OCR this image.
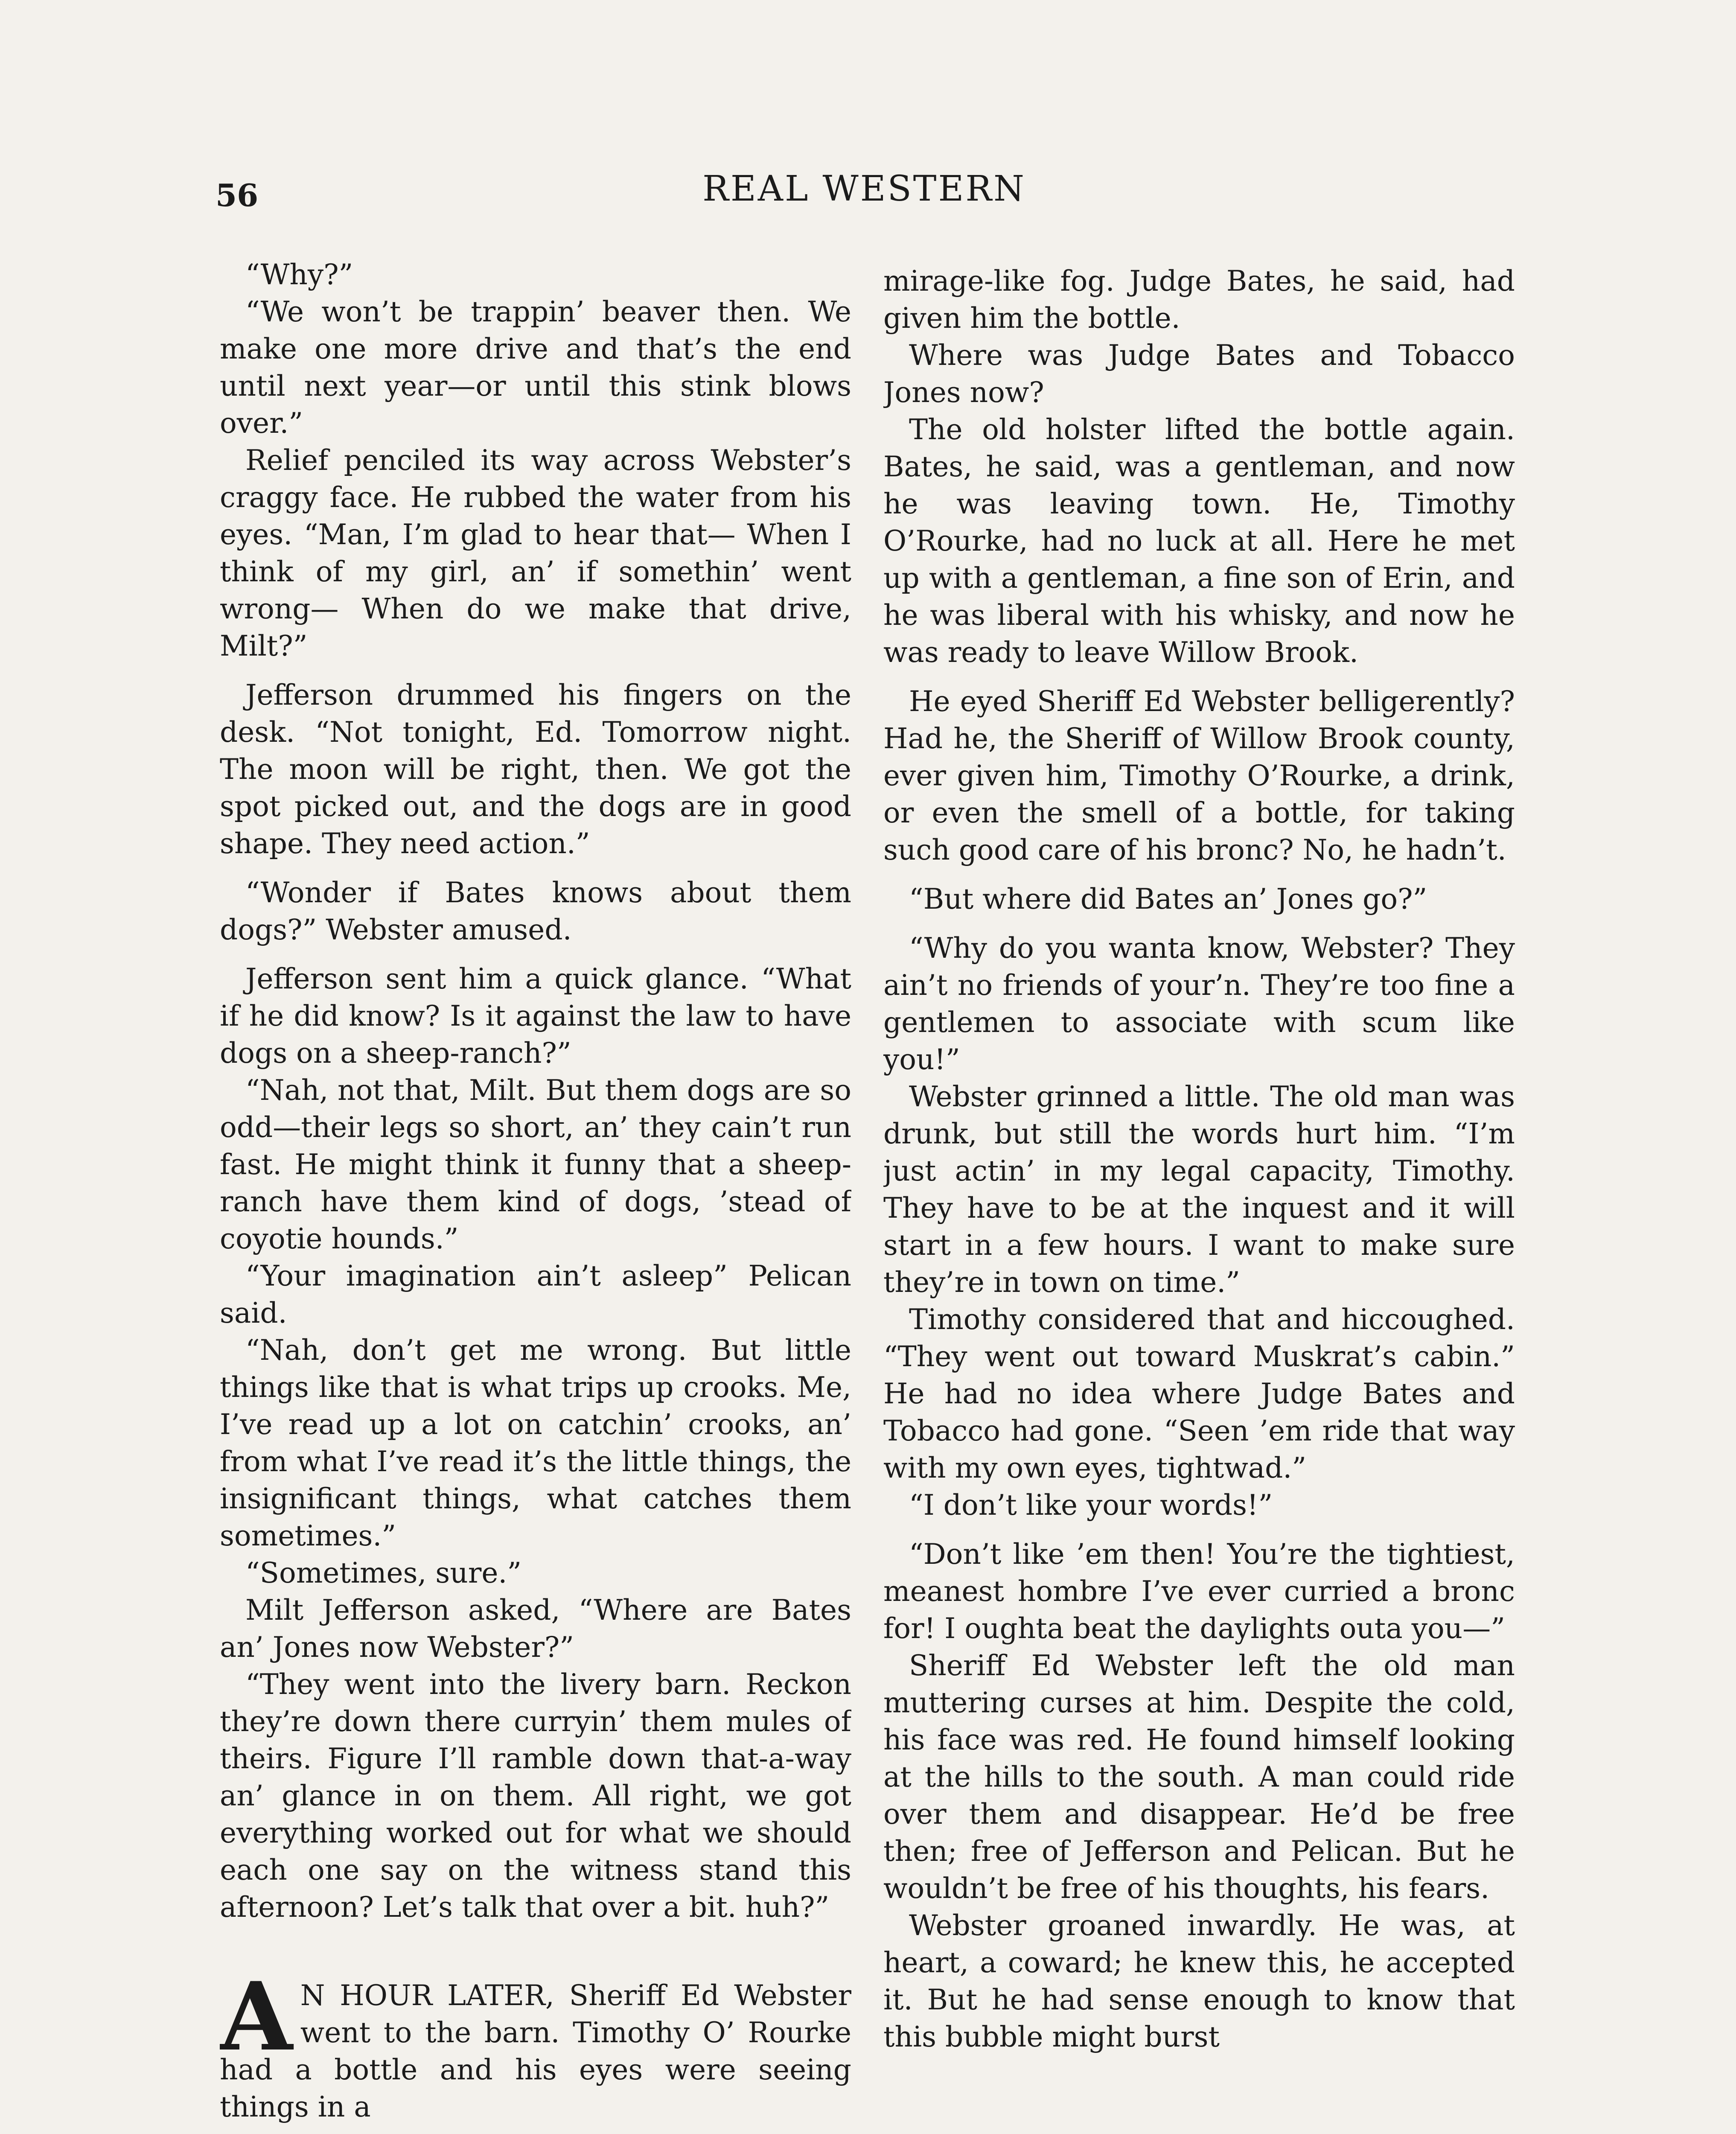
56	REAL WESTERN

“Why?”

“We won’t be trappin’ beaver then. We make one more drive and that’s the end until next year—or until this stink blows over.”

Relief penciled its way across Webster’s craggy face. He rubbed the water from his eyes. “Man, I’m glad to hear that— When I think of my girl, an’ if somethin’ went wrong— When do we make that drive, Milt?”

Jefferson drummed his fingers on the desk. “Not tonight, Ed. Tomorrow night. The moon will be right, then. We got the spot picked out, and the dogs are in good shape. They need action.”

“Wonder if Bates knows about them dogs?” Webster amused.

Jefferson sent him a quick glance. “What if he did know? Is it against the law to have dogs on a sheep-ranch?”

“Nah, not that, Milt. But them dogs are so odd—their legs so short, an’ they cain’t run fast. He might think it funny that a sheep-ranch have them kind of dogs, ’stead of coyotie hounds.”

“Your imagination ain’t asleep” Pelican said.

“Nah, don’t get me wrong. But little things like that is what trips up crooks. Me, I’ve read up a lot on catchin’ crooks, an’ from what I’ve read it’s the little things, the insignificant things, what catches them sometimes.”

“Sometimes, sure.”

Milt Jefferson asked, “Where are Bates an’ Jones now Webster?”

“They went into the livery barn. Reckon they’re down there curryin’ them mules of theirs. Figure I’ll ramble down that-a-way an’ glance in on them. All right, we got everything worked out for what we should each one say on the witness stand this afternoon? Let’s talk that over a bit. huh?”

A N HOUR LATER, Sheriff Ed Webster went to the barn. Timothy O’ Rourke had a bottle and his eyes were seeing things in a

mirage-like fog. Judge Bates, he said, had given him the bottle.

Where was Judge Bates and Tobacco Jones now?

The old holster lifted the bottle again. Bates, he said, was a gentleman, and now he was leaving town. He, Timothy O’Rourke, had no luck at all. Here he met up with a gentleman, a fine son of Erin, and he was liberal with his whisky, and now he was ready to leave Willow Brook.

He eyed Sheriff Ed Webster belligerently? Had he, the Sheriff of Willow Brook county, ever given him, Timothy O’Rourke, a drink, or even the smell of a bottle, for taking such good care of his bronc? No, he hadn’t.

“But where did Bates an’ Jones go?”

“Why do you wanta know, Webster? They ain’t no friends of your’n. They’re too fine a gentlemen to associate with scum like you!”

Webster grinned a little. The old man was drunk, but still the words hurt him. “I’m just actin’ in my legal capacity, Timothy. They have to be at the inquest and it will start in a few hours. I want to make sure they’re in town on time.”

Timothy considered that and hiccoughed. “They went out toward Muskrat’s cabin.” He had no idea where Judge Bates and Tobacco had gone. “Seen ’em ride that way with my own eyes, tightwad.”

“I don’t like your words!”

“Don’t like ’em then! You’re the tightiest, meanest hombre I’ve ever curried a bronc for! I oughta beat the daylights outa you—”

Sheriff Ed Webster left the old man muttering curses at him. Despite the cold, his face was red. He found himself looking at the hills to the south. A man could ride over them and disappear. He’d be free then; free of Jefferson and Pelican. But he wouldn’t be free of his thoughts, his fears.

Webster groaned inwardly. He was, at heart, a coward; he knew this, he accepted it. But he had sense enough to know that this bubble might burst
